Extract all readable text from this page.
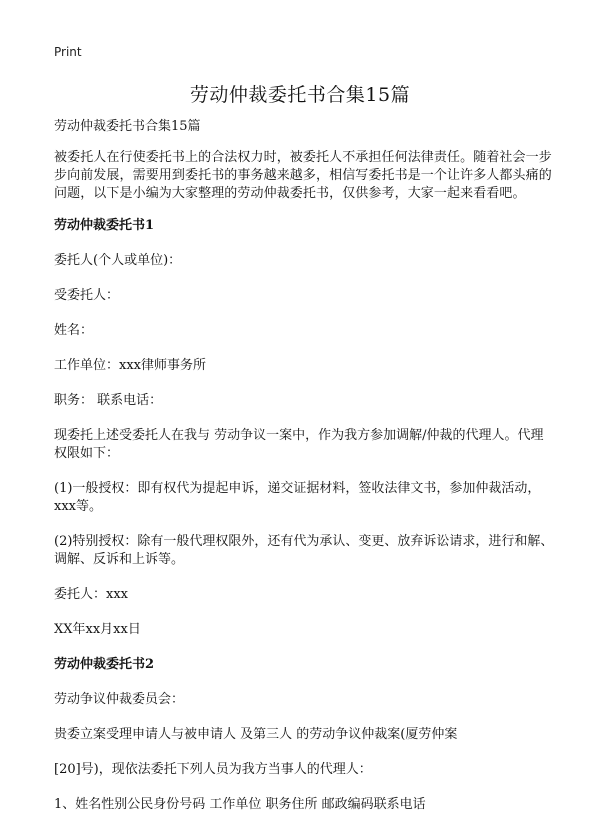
Print
劳动仲裁委托书合集15篇

劳动仲裁委托书合集15篇

被委托人在行使委托书上的合法权力时，被委托人不承担任何法律责任。随着社会一步步向前发展，需要用到委托书的事务越来越多，相信写委托书是一个让许多人都头痛的问题，以下是小编为大家整理的劳动仲裁委托书，仅供参考，大家一起来看看吧。

劳动仲裁委托书1

委托人(个人或单位)：

受委托人：

姓名：

工作单位：xxx律师事务所

职务： 联系电话：

现委托上述受委托人在我与 劳动争议一案中，作为我方参加调解/仲裁的代理人。代理权限如下：

(1)一般授权：即有权代为提起申诉，递交证据材料，签收法律文书，参加仲裁活动，xxx等。

(2)特别授权：除有一般代理权限外，还有代为承认、变更、放弃诉讼请求，进行和解、调解、反诉和上诉等。

委托人：xxx

XX年xx月xx日

劳动仲裁委托书2

劳动争议仲裁委员会：

贵委立案受理申请人与被申请人 及第三人 的劳动争议仲裁案(厦劳仲案

[20]号)，现依法委托下列人员为我方当事人的代理人：

1、姓名性别公民身份号码 工作单位 职务住所 邮政编码联系电话
